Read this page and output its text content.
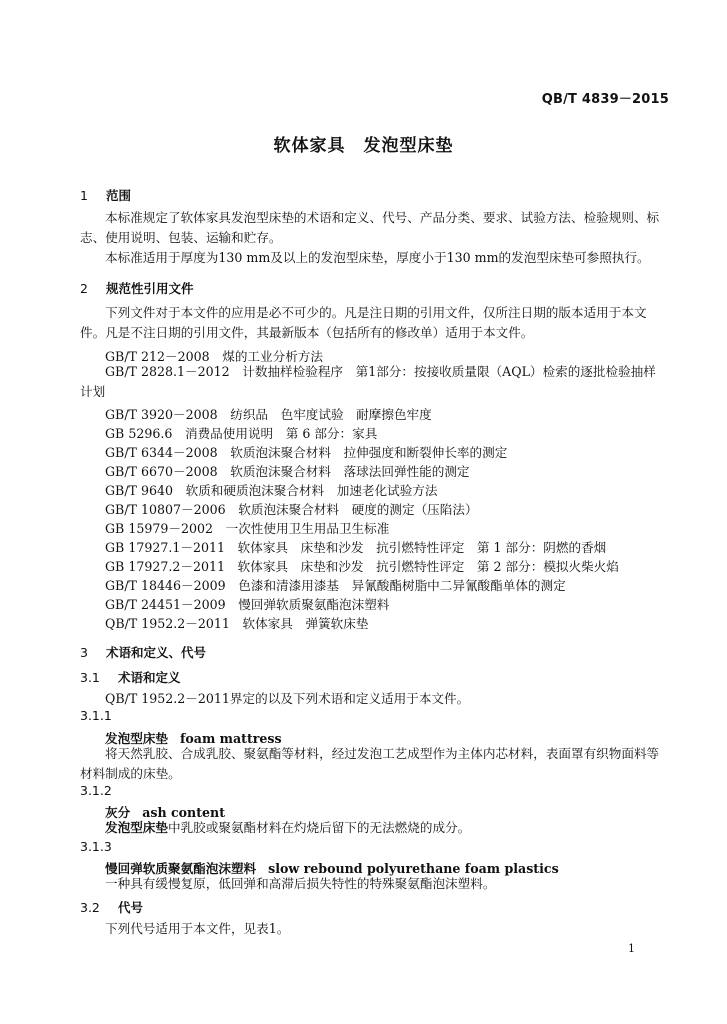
QB/T 4839－2015
软体家具　发泡型床垫
1 范围
本标准规定了软体家具发泡型床垫的术语和定义、代号、产品分类、要求、试验方法、检验规则、标志、使用说明、包装、运输和贮存。
本标准适用于厚度为130 mm及以上的发泡型床垫，厚度小于130 mm的发泡型床垫可参照执行。
2 规范性引用文件
下列文件对于本文件的应用是必不可少的。凡是注日期的引用文件，仅所注日期的版本适用于本文件。凡是不注日期的引用文件，其最新版本（包括所有的修改单）适用于本文件。
GB/T 212－2008　煤的工业分析方法
GB/T 2828.1－2012　计数抽样检验程序　第1部分：按接收质量限（AQL）检索的逐批检验抽样计划
GB/T 3920－2008　纺织品　色牢度试验　耐摩擦色牢度
GB 5296.6　消费品使用说明　第 6 部分：家具
GB/T 6344－2008　软质泡沫聚合材料　拉伸强度和断裂伸长率的测定
GB/T 6670－2008　软质泡沫聚合材料　落球法回弹性能的测定
GB/T 9640　软质和硬质泡沫聚合材料　加速老化试验方法
GB/T 10807－2006　软质泡沫聚合材料　硬度的测定（压陷法）
GB 15979－2002　一次性使用卫生用品卫生标准
GB 17927.1－2011　软体家具　床垫和沙发　抗引燃特性评定　第 1 部分：阴燃的香烟
GB 17927.2－2011　软体家具　床垫和沙发　抗引燃特性评定　第 2 部分：模拟火柴火焰
GB/T 18446－2009　色漆和清漆用漆基　异氰酸酯树脂中二异氰酸酯单体的测定
GB/T 24451－2009　慢回弹软质聚氨酯泡沫塑料
QB/T 1952.2－2011　软体家具　弹簧软床垫
3 术语和定义、代号
3.1 术语和定义
QB/T 1952.2－2011界定的以及下列术语和定义适用于本文件。
3.1.1
发泡型床垫 foam mattress
将天然乳胶、合成乳胶、聚氨酯等材料，经过发泡工艺成型作为主体内芯材料，表面罩有织物面料等材料制成的床垫。
3.1.2
灰分 ash content
发泡型床垫中乳胶或聚氨酯材料在灼烧后留下的无法燃烧的成分。
3.1.3
慢回弹软质聚氨酯泡沫塑料 slow rebound polyurethane foam plastics
一种具有缓慢复原，低回弹和高滞后损失特性的特殊聚氨酯泡沫塑料。
3.2 代号
下列代号适用于本文件，见表1。
1
